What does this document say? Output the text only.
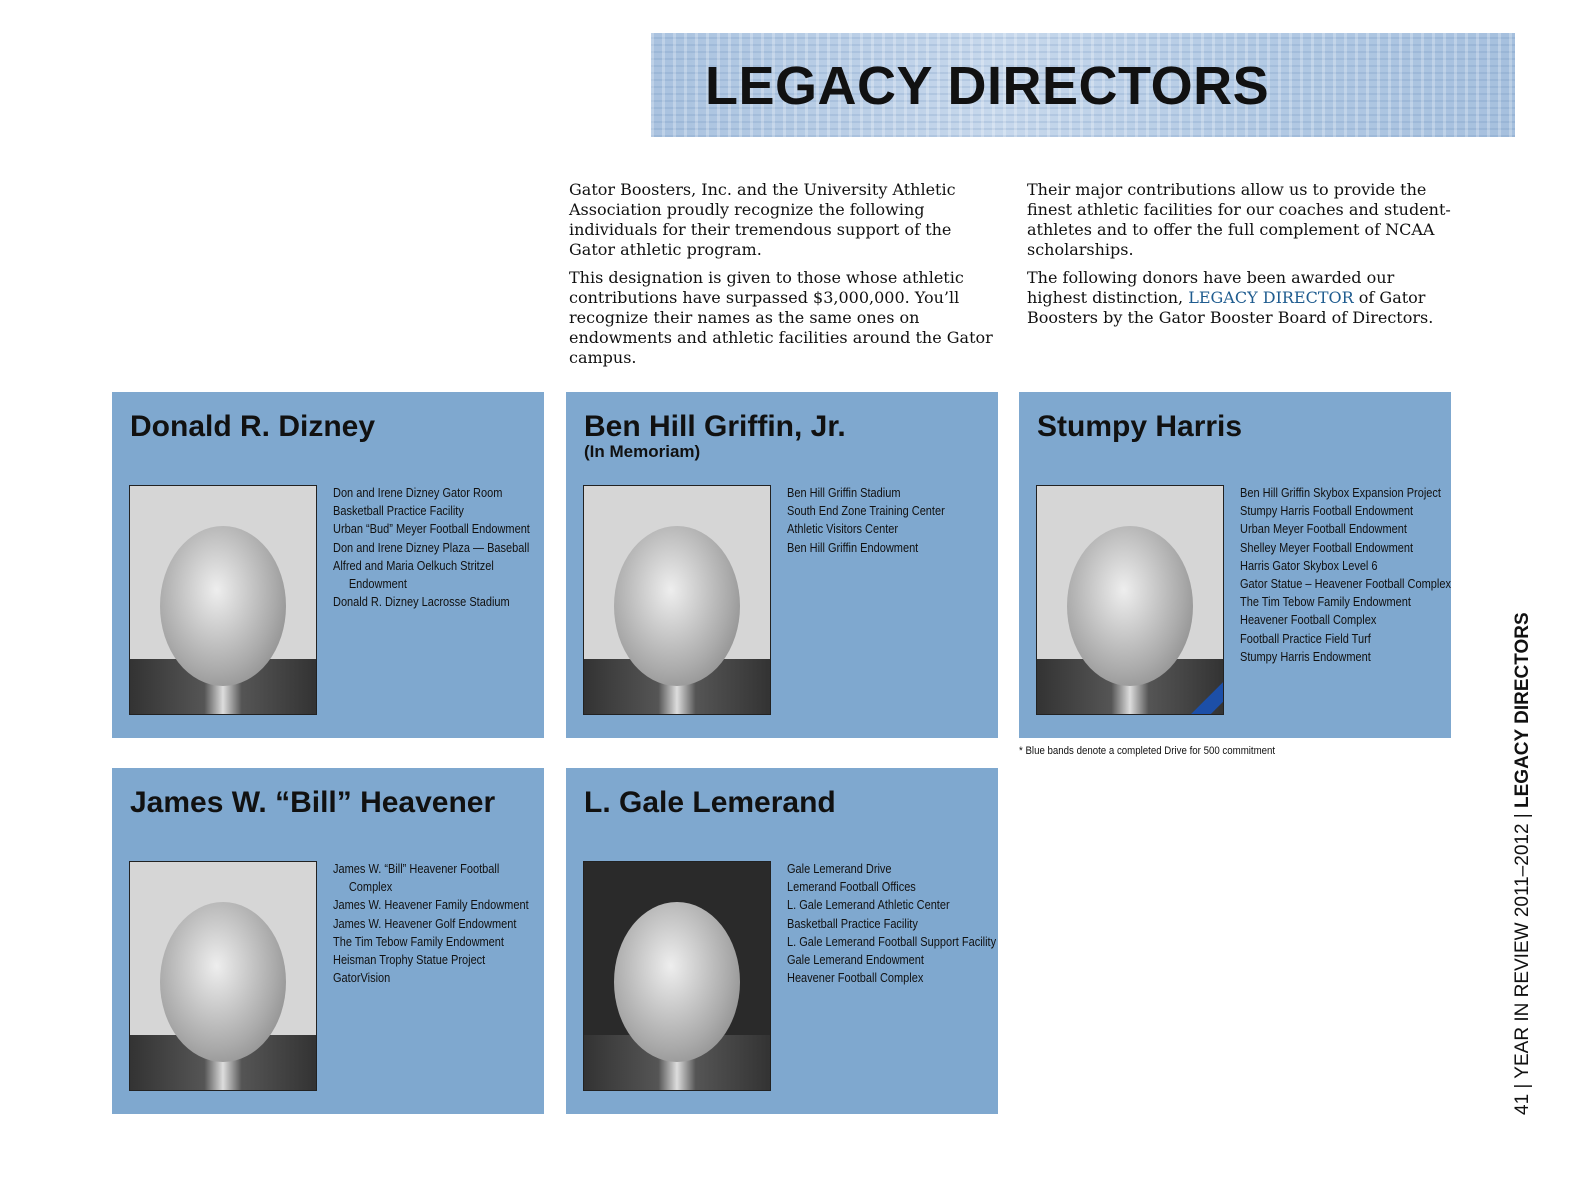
LEGACY DIRECTORS

Gator Boosters, Inc. and the University Athletic Association proudly recognize the following individuals for their tremendous support of the Gator athletic program.

This designation is given to those whose athletic contributions have surpassed $3,000,000. You’ll recognize their names as the same ones on endowments and athletic facilities around the Gator campus.

Their major contributions allow us to provide the finest athletic facilities for our coaches and student-athletes and to offer the full complement of NCAA scholarships.

The following donors have been awarded our highest distinction, LEGACY DIRECTOR of Gator Boosters by the Gator Booster Board of Directors.

Donald R. Dizney
Don and Irene Dizney Gator Room
Basketball Practice Facility
Urban “Bud” Meyer Football Endowment
Don and Irene Dizney Plaza — Baseball
Alfred and Maria Oelkuch Stritzel Endowment
Donald R. Dizney Lacrosse Stadium
Ben Hill Griffin, Jr.
(In Memoriam)
Ben Hill Griffin Stadium
South End Zone Training Center
Athletic Visitors Center
Ben Hill Griffin Endowment
Stumpy Harris
Ben Hill Griffin Skybox Expansion Project
Stumpy Harris Football Endowment
Urban Meyer Football Endowment
Shelley Meyer Football Endowment
Harris Gator Skybox Level 6
Gator Statue – Heavener Football Complex
The Tim Tebow Family Endowment
Heavener Football Complex
Football Practice Field Turf
Stumpy Harris Endowment
James W. “Bill” Heavener
James W. “Bill” Heavener Football Complex
James W. Heavener Family Endowment
James W. Heavener Golf Endowment
The Tim Tebow Family Endowment
Heisman Trophy Statue Project
GatorVision
L. Gale Lemerand
Gale Lemerand Drive
Lemerand Football Offices
L. Gale Lemerand Athletic Center
Basketball Practice Facility
L. Gale Lemerand Football Support Facility
Gale Lemerand Endowment
Heavener Football Complex
* Blue bands denote a completed Drive for 500 commitment
41 | YEAR IN REVIEW 2011–2012 | LEGACY DIRECTORS
